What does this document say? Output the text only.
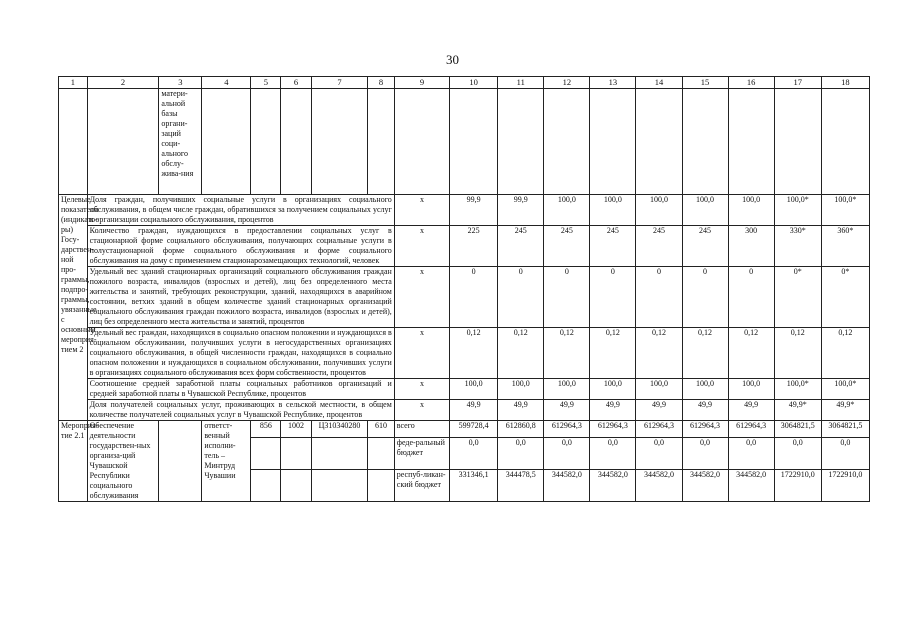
30
1	2	3	4	5	6	7	8	9	10	11	12	13	14	15	16	17	18
		матери-альной базы органи-заций соци-ального обслу-жива-ния															
Целевые показатели (индикато-ры) Госу-дарствен-ной про-граммы, подпро-граммы, увязанные с основным мероприя-тием 2	Доля граждан, получивших социальные услуги в организациях социального обслуживания, в общем числе граждан, обратившихся за получением социальных услуг в организации социального обслуживания, процентов							х	99,9	99,9	100,0	100,0	100,0	100,0	100,0	100,0*	100,0*
	Количество граждан, нуждающихся в предоставлении социальных услуг в стационарной форме социального обслуживания, получающих социальные услуги в полустационарной форме социального обслуживания и форме социального обслуживания на дому с применением стационарозамещающих технологий, человек							х	225	245	245	245	245	245	300	330*	360*
	Удельный вес зданий стационарных организаций социального обслуживания граждан пожилого возраста, инвалидов (взрослых и детей), лиц без определенного места жительства и занятий, требующих реконструкции, зданий, находящихся в аварийном состоянии, ветхих зданий в общем количестве зданий стационарных организаций социального обслуживания граждан пожилого возраста, инвалидов (взрослых и детей), лиц без определенного места жительства и занятий, процентов							х	0	0	0	0	0	0	0	0*	0*
	Удельный вес граждан, находящихся в социально опасном положении и нуждающихся в социальном обслуживании, получивших услуги в негосударственных организациях социального обслуживания, в общей численности граждан, находящихся в социально опасном положении и нуждающихся в социальном обслуживании, получивших услуги в организациях социального обслуживания всех форм собственности, процентов							х	0,12	0,12	0,12	0,12	0,12	0,12	0,12	0,12	0,12
	Соотношение средней заработной платы социальных работников организаций и средней заработной платы в Чувашской Республике, процентов							х	100,0	100,0	100,0	100,0	100,0	100,0	100,0	100,0*	100,0*
	Доля получателей социальных услуг, проживающих в сельской местности, в общем количестве получателей социальных услуг в Чувашской Республике, процентов							х	49,9	49,9	49,9	49,9	49,9	49,9	49,9	49,9*	49,9*
Мероприя-тие 2.1	Обеспечение деятельности государствен-ных организа-ций Чувашской Республики социального обслуживания		ответст-венный исполни-тель – Минтруд Чувашии	856	1002	Ц310340280	610	всего	599728,4	612860,8	612964,3	612964,3	612964,3	612964,3	612964,3	3064821,5	3064821,5
								феде-ральный бюджет	0,0	0,0	0,0	0,0	0,0	0,0	0,0	0,0	0,0
								респуб-ликан-ский бюджет	331346,1	344478,5	344582,0	344582,0	344582,0	344582,0	344582,0	1722910,0	1722910,0
